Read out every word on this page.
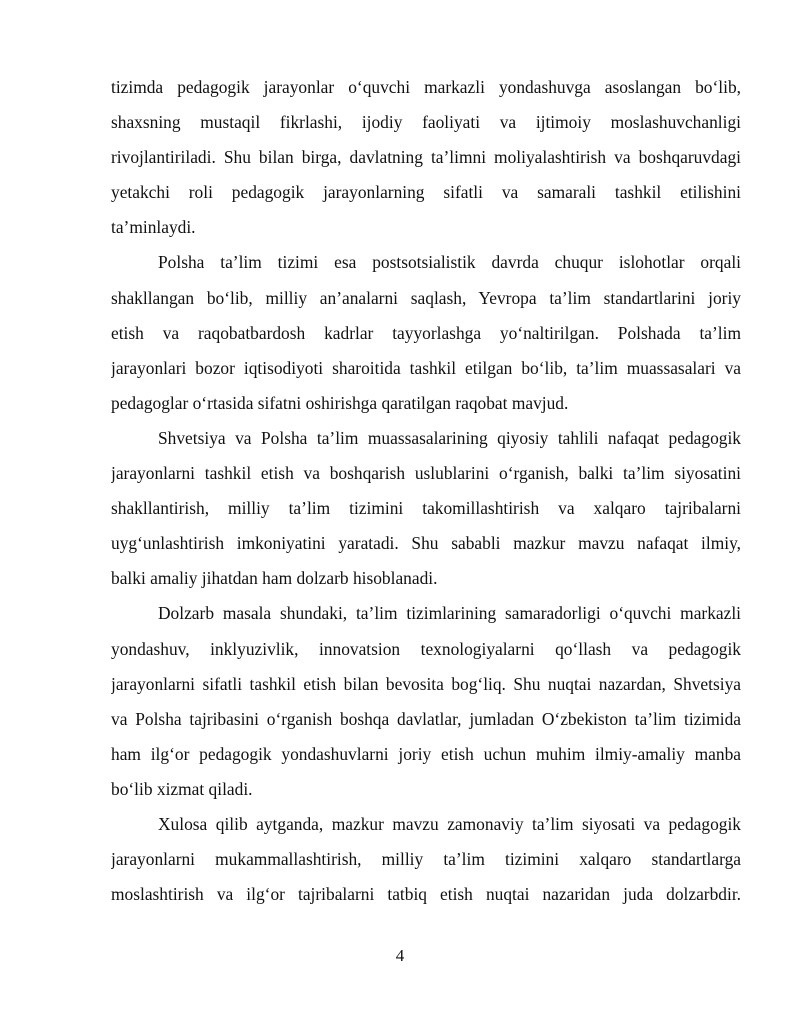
tizimda pedagogik jarayonlar o‘quvchi markazli yondashuvga asoslangan bo‘lib,
shaxsning mustaqil fikrlashi, ijodiy faoliyati va ijtimoiy moslashuvchanligi
rivojlantiriladi. Shu bilan birga, davlatning ta’limni moliyalashtirish va boshqaruvdagi
yetakchi roli pedagogik jarayonlarning sifatli va samarali tashkil etilishini
ta’minlaydi.
Polsha ta’lim tizimi esa postsotsialistik davrda chuqur islohotlar orqali
shakllangan bo‘lib, milliy an’analarni saqlash, Yevropa ta’lim standartlarini joriy
etish va raqobatbardosh kadrlar tayyorlashga yo‘naltirilgan. Polshada ta’lim
jarayonlari bozor iqtisodiyoti sharoitida tashkil etilgan bo‘lib, ta’lim muassasalari va
pedagoglar o‘rtasida sifatni oshirishga qaratilgan raqobat mavjud.
Shvetsiya va Polsha ta’lim muassasalarining qiyosiy tahlili nafaqat pedagogik
jarayonlarni tashkil etish va boshqarish uslublarini o‘rganish, balki ta’lim siyosatini
shakllantirish, milliy ta’lim tizimini takomillashtirish va xalqaro tajribalarni
uyg‘unlashtirish imkoniyatini yaratadi. Shu sababli mazkur mavzu nafaqat ilmiy,
balki amaliy jihatdan ham dolzarb hisoblanadi.
Dolzarb masala shundaki, ta’lim tizimlarining samaradorligi o‘quvchi markazli
yondashuv, inklyuzivlik, innovatsion texnologiyalarni qo‘llash va pedagogik
jarayonlarni sifatli tashkil etish bilan bevosita bog‘liq. Shu nuqtai nazardan, Shvetsiya
va Polsha tajribasini o‘rganish boshqa davlatlar, jumladan O‘zbekiston ta’lim tizimida
ham ilg‘or pedagogik yondashuvlarni joriy etish uchun muhim ilmiy-amaliy manba
bo‘lib xizmat qiladi.
Xulosa qilib aytganda, mazkur mavzu zamonaviy ta’lim siyosati va pedagogik
jarayonlarni mukammallashtirish, milliy ta’lim tizimini xalqaro standartlarga
moslashtirish va ilg‘or tajribalarni tatbiq etish nuqtai nazaridan juda dolzarbdir.
4
